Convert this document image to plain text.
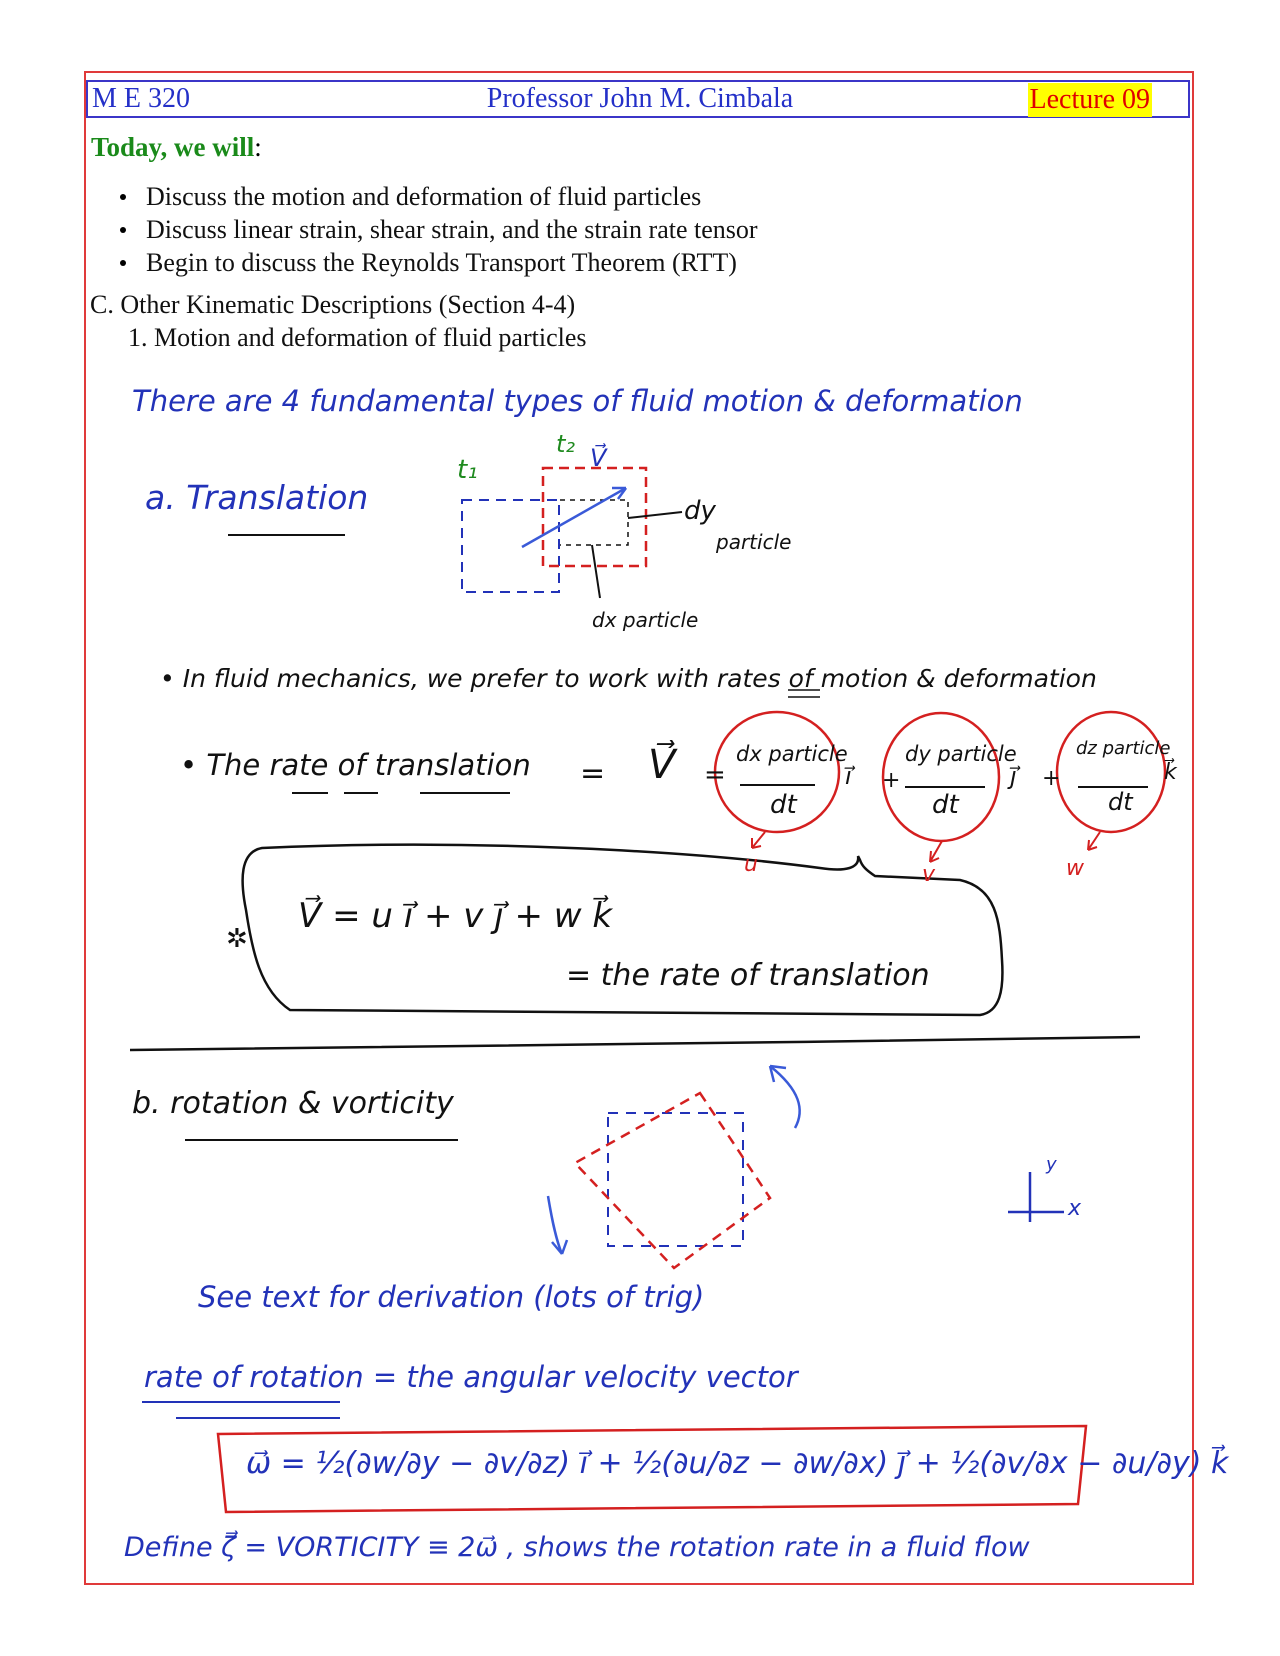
M E 320	Professor John M. Cimbala	Lecture 09
Today, we will:
Discuss the motion and deformation of fluid particles
Discuss linear strain, shear strain, and the strain rate tensor
Begin to discuss the Reynolds Transport Theorem (RTT)
C. Other Kinematic Descriptions (Section 4-4)
1. Motion and deformation of fluid particles
There are 4 fundamental types of fluid motion & deformation
a. Translation
t₁
t₂ V⃗
dy
particle
dx particle
• In fluid mechanics, we prefer to work with rates of motion & deformation
• The rate of translation = V⃗ =
dx particle
dt
i⃗ +
dy particle
dt
j⃗ +
dz particle
dt
k⃗
u	v	w
✲
V⃗ = u i⃗ + v j⃗ + w k⃗
= the rate of translation
b. rotation & vorticity
y
x
See text for derivation (lots of trig)
rate of rotation = the angular velocity vector
ω⃗ = ½(∂w/∂y − ∂v/∂z) i⃗ + ½(∂u/∂z − ∂w/∂x) j⃗ + ½(∂v/∂x − ∂u/∂y) k⃗
Define ζ⃗ = VORTICITY ≡ 2ω⃗ , shows the rotation rate in a fluid flow
